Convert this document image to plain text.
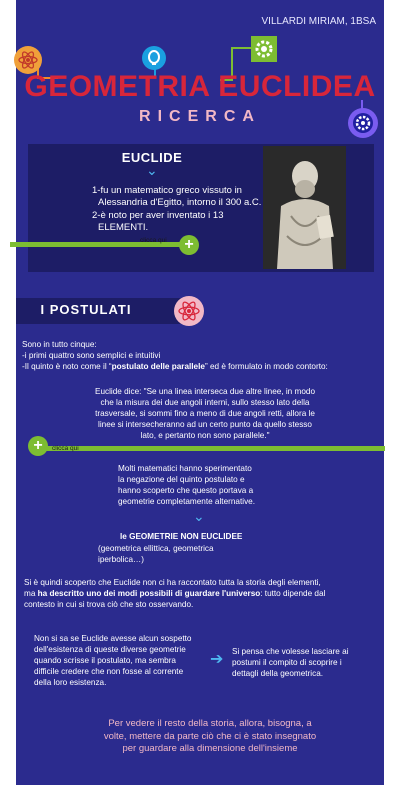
VILLARDI MIRIAM, 1BSA
GEOMETRIA EUCLIDEA
RICERCA
EUCLIDE
⌄
1-fu un matematico greco vissuto in
Alessandria d'Egitto, intorno il 300 a.C.
2-è noto per aver inventato i 13
ELEMENTI.
clicca qui	+
I POSTULATI
Sono in tutto cinque:
-i primi quattro sono semplici e intuitivi
-Il quinto è noto come il “postulato delle parallele” ed è formulato in modo contorto:
Euclide dice: "Se una linea interseca due altre linee, in modo
che la misura dei due angoli interni, sullo stesso lato della
trasversale, si sommi fino a meno di due angoli retti, allora le
linee si intersecheranno ad un certo punto da quello stesso
lato, e pertanto non sono parallele."
+	clicca qui
Molti matematici hanno sperimentato
la negazione del quinto postulato e
hanno scoperto che questo portava a
geometrie completamente alternative.
⌄
le GEOMETRIE NON EUCLIDEE
(geometrica ellittica, geometrica
iperbolica…)
Si è quindi scoperto che Euclide non ci ha raccontato tutta la storia degli elementi,
ma ha descritto uno dei modi possibili di guardare l'universo: tutto dipende dal
contesto in cui si trova ciò che sto osservando.
Non si sa se Euclide avesse alcun sospetto
dell'esistenza di queste diverse geometrie
quando scrisse il postulato, ma sembra
difficile credere che non fosse al corrente
della loro esistenza.
➔ Si pensa che volesse lasciare ai
postumi il compito di scoprire i
dettagli della geometrica.
Per vedere il resto della storia, allora, bisogna, a
volte, mettere da parte ciò che ci è stato insegnato
per guardare alla dimensione dell'insieme
